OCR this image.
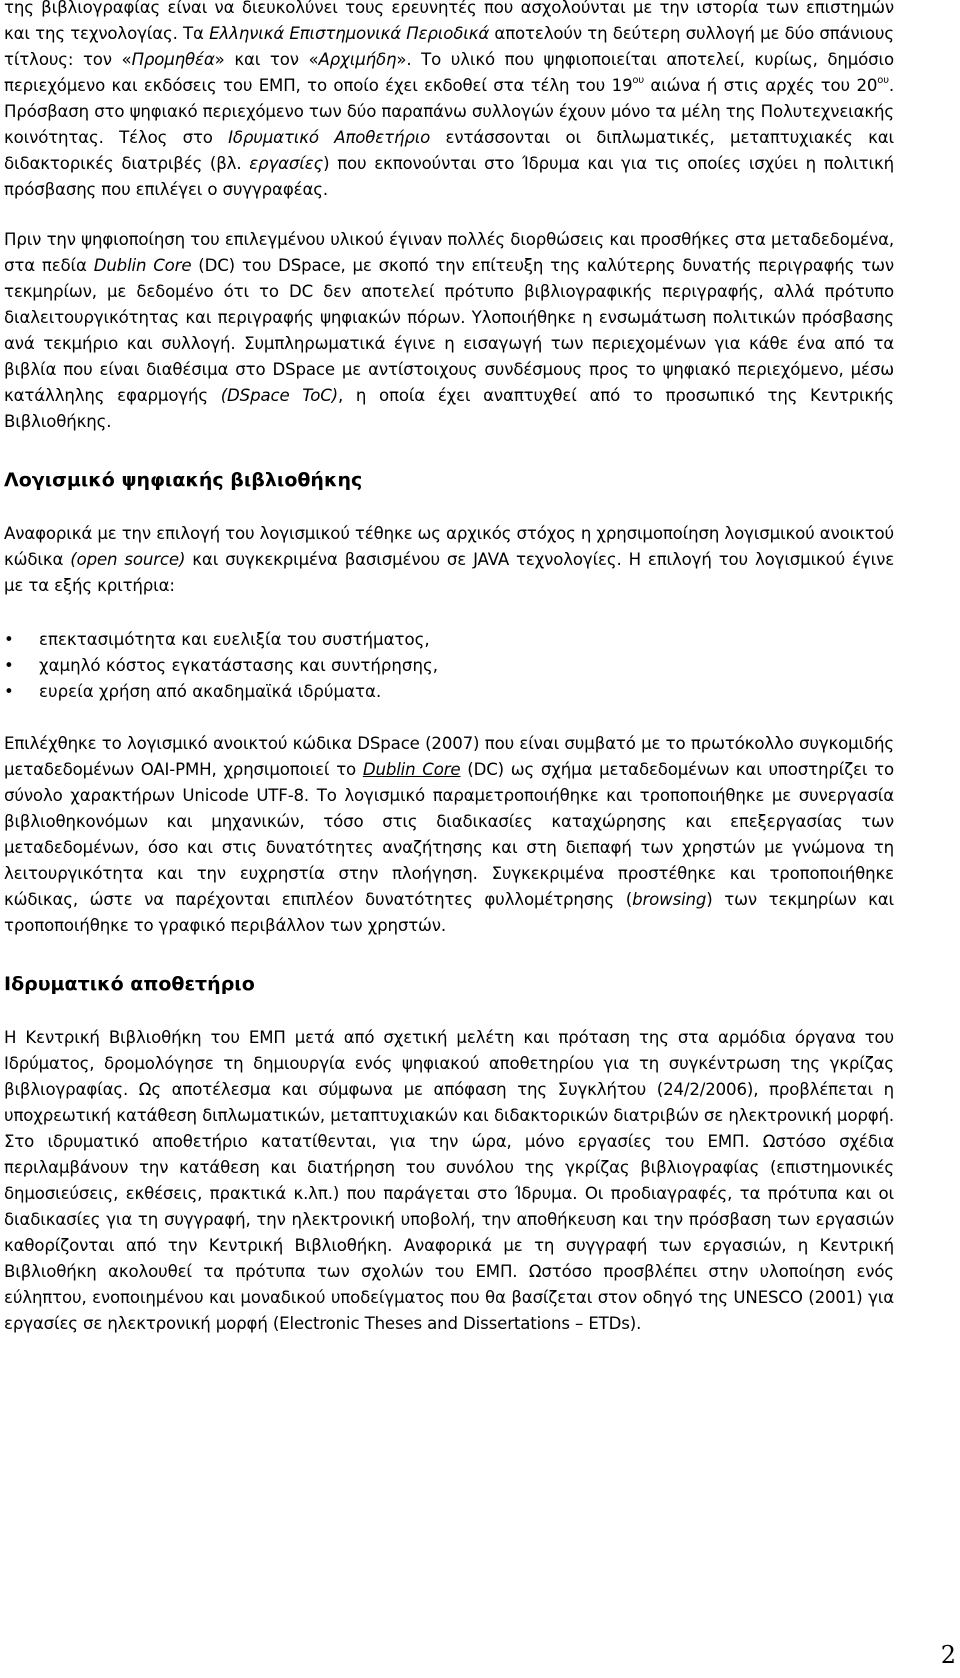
της βιβλιογραφίας είναι να διευκολύνει τους ερευνητές που ασχολούνται με την ιστορία των επιστημών και της τεχνολογίας. Τα Ελληνικά Επιστημονικά Περιοδικά αποτελούν τη δεύτερη συλλογή με δύο σπάνιους τίτλους: τον «Προμηθέα» και τον «Αρχιμήδη». Το υλικό που ψηφιοποιείται αποτελεί, κυρίως, δημόσιο περιεχόμενο και εκδόσεις του ΕΜΠ, το οποίο έχει εκδοθεί στα τέλη του $19^{o\upsilon}$ αιώνα ή στις αρχές του $20^{o\upsilon}$. Πρόσβαση στο ψηφιακό περιεχόμενο των δύο παραπάνω συλλογών έχουν μόνο τα μέλη της Πολυτεχνειακής κοινότητας. Τέλος στο Ιδρυματικό Αποθετήριο εντάσσονται οι διπλωματικές, μεταπτυχιακές και διδακτορικές διατριβές (βλ. εργασίες) που εκπονούνται στο Ίδρυμα και για τις οποίες ισχύει η πολιτική πρόσβασης που επιλέγει ο συγγραφέας.

Πριν την ψηφιοποίηση του επιλεγμένου υλικού έγιναν πολλές διορθώσεις και προσθήκες στα μεταδεδομένα, στα πεδία Dublin Core (DC) του DSpace, με σκοπό την επίτευξη της καλύτερης δυνατής περιγραφής των τεκμηρίων, με δεδομένο ότι το DC δεν αποτελεί πρότυπο βιβλιογραφικής περιγραφής, αλλά πρότυπο διαλειτουργικότητας και περιγραφής ψηφιακών πόρων. Υλοποιήθηκε η ενσωμάτωση πολιτικών πρόσβασης ανά τεκμήριο και συλλογή. Συμπληρωματικά έγινε η εισαγωγή των περιεχομένων για κάθε ένα από τα βιβλία που είναι διαθέσιμα στο DSpace με αντίστοιχους συνδέσμους προς το ψηφιακό περιεχόμενο, μέσω κατάλληλης εφαρμογής (DSpace ToC), η οποία έχει αναπτυχθεί από το προσωπικό της Κεντρικής Βιβλιοθήκης.

Λογισμικό ψηφιακής βιβλιοθήκης

Αναφορικά με την επιλογή του λογισμικού τέθηκε ως αρχικός στόχος η χρησιμοποίηση λογισμικού ανοικτού κώδικα (open source) και συγκεκριμένα βασισμένου σε JAVA τεχνολογίες. Η επιλογή του λογισμικού έγινε με τα εξής κριτήρια:

• επεκτασιμότητα και ευελιξία του συστήματος,
• χαμηλό κόστος εγκατάστασης και συντήρησης,
• ευρεία χρήση από ακαδημαϊκά ιδρύματα.

Επιλέχθηκε το λογισμικό ανοικτού κώδικα DSpace (2007) που είναι συμβατό με το πρωτόκολλο συγκομιδής μεταδεδομένων OAI-PMH, χρησιμοποιεί το Dublin Core (DC) ως σχήμα μεταδεδομένων και υποστηρίζει το σύνολο χαρακτήρων Unicode UTF-8. Το λογισμικό παραμετροποιήθηκε και τροποποιήθηκε με συνεργασία βιβλιοθηκονόμων και μηχανικών, τόσο στις διαδικασίες καταχώρησης και επεξεργασίας των μεταδεδομένων, όσο και στις δυνατότητες αναζήτησης και στη διεπαφή των χρηστών με γνώμονα τη λειτουργικότητα και την ευχρηστία στην πλοήγηση. Συγκεκριμένα προστέθηκε και τροποποιήθηκε κώδικας, ώστε να παρέχονται επιπλέον δυνατότητες φυλλομέτρησης (browsing) των τεκμηρίων και τροποποιήθηκε το γραφικό περιβάλλον των χρηστών.

Ιδρυματικό αποθετήριο

Η Κεντρική Βιβλιοθήκη του ΕΜΠ μετά από σχετική μελέτη και πρόταση της στα αρμόδια όργανα του Ιδρύματος, δρομολόγησε τη δημιουργία ενός ψηφιακού αποθετηρίου για τη συγκέντρωση της γκρίζας βιβλιογραφίας. Ως αποτέλεσμα και σύμφωνα με απόφαση της Συγκλήτου (24/2/2006), προβλέπεται η υποχρεωτική κατάθεση διπλωματικών, μεταπτυχιακών και διδακτορικών διατριβών σε ηλεκτρονική μορφή. Στο ιδρυματικό αποθετήριο κατατίθενται, για την ώρα, μόνο εργασίες του ΕΜΠ. Ωστόσο σχέδια περιλαμβάνουν την κατάθεση και διατήρηση του συνόλου της γκρίζας βιβλιογραφίας (επιστημονικές δημοσιεύσεις, εκθέσεις, πρακτικά κ.λπ.) που παράγεται στο Ίδρυμα. Οι προδιαγραφές, τα πρότυπα και οι διαδικασίες για τη συγγραφή, την ηλεκτρονική υποβολή, την αποθήκευση και την πρόσβαση των εργασιών καθορίζονται από την Κεντρική Βιβλιοθήκη. Αναφορικά με τη συγγραφή των εργασιών, η Κεντρική Βιβλιοθήκη ακολουθεί τα πρότυπα των σχολών του ΕΜΠ. Ωστόσο προσβλέπει στην υλοποίηση ενός εύληπτου, ενοποιημένου και μοναδικού υποδείγματος που θα βασίζεται στον οδηγό της UNESCO (2001) για εργασίες σε ηλεκτρονική μορφή (Electronic Theses and Dissertations – ETDs).

2
